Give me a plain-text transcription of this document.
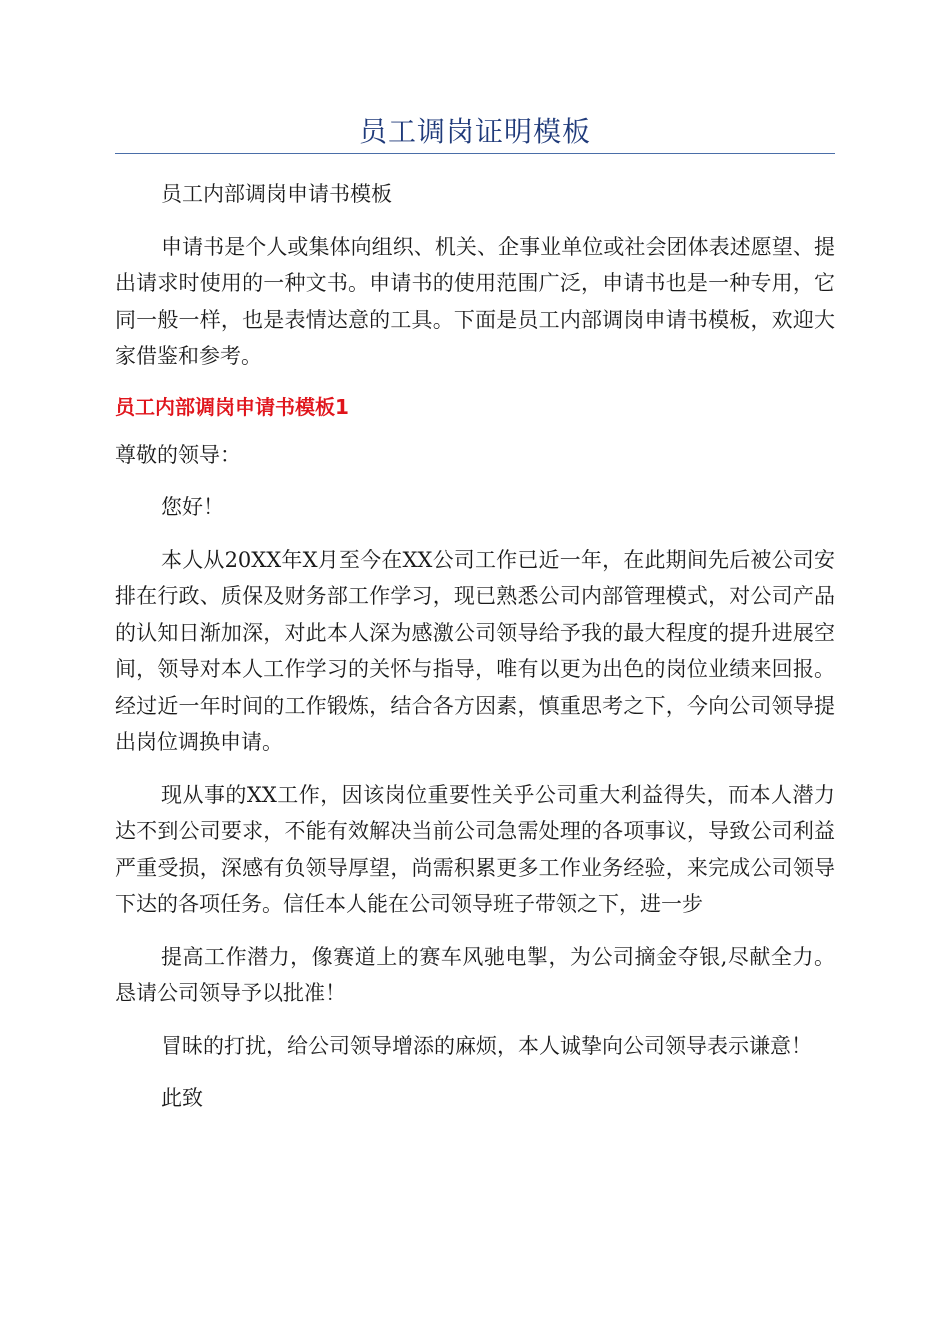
员工调岗证明模板

员工内部调岗申请书模板

申请书是个人或集体向组织、机关、企事业单位或社会团体表述愿望、提出请求时使用的一种文书。申请书的使用范围广泛，申请书也是一种专用，它同一般一样，也是表情达意的工具。下面是员工内部调岗申请书模板，欢迎大家借鉴和参考。

员工内部调岗申请书模板1

尊敬的领导：

您好！

本人从20XX年X月至今在XX公司工作已近一年，在此期间先后被公司安排在行政、质保及财务部工作学习，现已熟悉公司内部管理模式，对公司产品的认知日渐加深，对此本人深为感激公司领导给予我的最大程度的提升进展空间，领导对本人工作学习的关怀与指导，唯有以更为出色的岗位业绩来回报。经过近一年时间的工作锻炼，结合各方因素，慎重思考之下，今向公司领导提出岗位调换申请。

现从事的XX工作，因该岗位重要性关乎公司重大利益得失，而本人潜力达不到公司要求，不能有效解决当前公司急需处理的各项事议，导致公司利益严重受损，深感有负领导厚望，尚需积累更多工作业务经验，来完成公司领导下达的各项任务。信任本人能在公司领导班子带领之下，进一步

提高工作潜力，像赛道上的赛车风驰电掣，为公司摘金夺银,尽献全力。恳请公司领导予以批准！

冒昧的打扰，给公司领导增添的麻烦，本人诚挚向公司领导表示谦意！

此致
